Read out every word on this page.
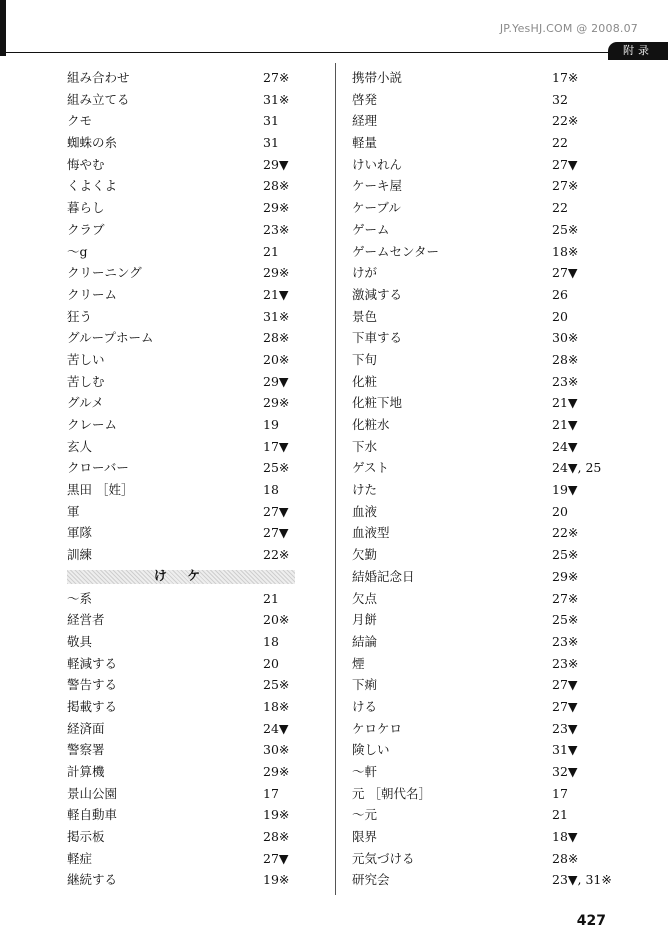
JP.YesHJ.COM @ 2008.07
附录
組み合わせ	27※
組み立てる	31※
クモ	31
蜘蛛の糸	31
悔やむ	29▼
くよくよ	28※
暮らし	29※
クラブ	23※
～g	21
クリーニング	29※
クリーム	21▼
狂う	31※
グループホーム	28※
苦しい	20※
苦しむ	29▼
グルメ	29※
クレーム	19
玄人	17▼
クローバー	25※
黒田 ［姓］	18
軍	27▼
軍隊	27▼
訓練	22※
け ケ
～系	21
経営者	20※
敬具	18
軽減する	20
警告する	25※
掲載する	18※
経済面	24▼
警察署	30※
計算機	29※
景山公園	17
軽自動車	19※
掲示板	28※
軽症	27▼
継続する	19※
携帯小説	17※
啓発	32
経理	22※
軽量	22
けいれん	27▼
ケーキ屋	27※
ケーブル	22
ゲーム	25※
ゲームセンター	18※
けが	27▼
激減する	26
景色	20
下車する	30※
下旬	28※
化粧	23※
化粧下地	21▼
化粧水	21▼
下水	24▼
ゲスト	24▼, 25
けた	19▼
血液	20
血液型	22※
欠勤	25※
結婚記念日	29※
欠点	27※
月餅	25※
結論	23※
煙	23※
下痢	27▼
ける	27▼
ケロケロ	23▼
険しい	31▼
～軒	32▼
元 ［朝代名］	17
～元	21
限界	18▼
元気づける	28※
研究会	23▼, 31※
427
